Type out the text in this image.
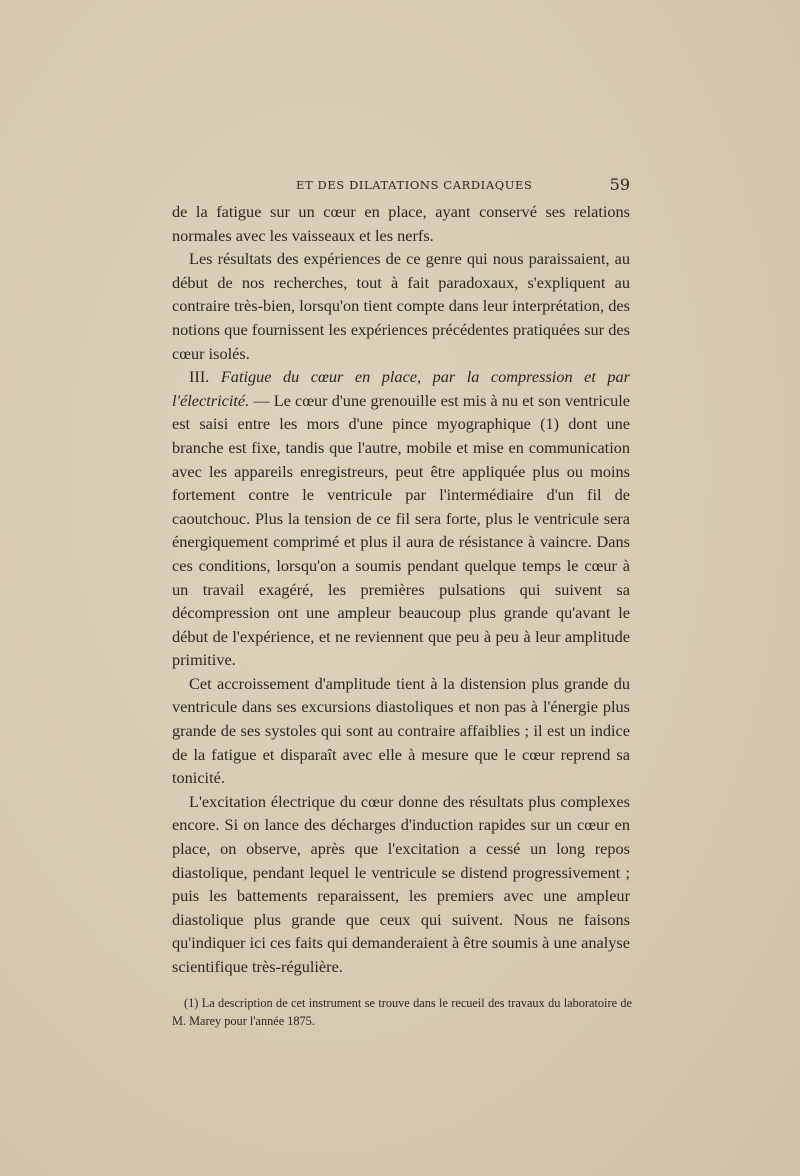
ET DES DILATATIONS CARDIAQUES	59

de la fatigue sur un cœur en place, ayant conservé ses relations normales avec les vaisseaux et les nerfs.

Les résultats des expériences de ce genre qui nous paraissaient, au début de nos recherches, tout à fait paradoxaux, s'expliquent au contraire très-bien, lorsqu'on tient compte dans leur interprétation, des notions que fournissent les expériences précédentes pratiquées sur des cœur isolés.

III. Fatigue du cœur en place, par la compression et par l'électricité. — Le cœur d'une grenouille est mis à nu et son ventricule est saisi entre les mors d'une pince myographique (1) dont une branche est fixe, tandis que l'autre, mobile et mise en communication avec les appareils enregistreurs, peut être appliquée plus ou moins fortement contre le ventricule par l'intermédiaire d'un fil de caoutchouc. Plus la tension de ce fil sera forte, plus le ventricule sera énergiquement comprimé et plus il aura de résistance à vaincre. Dans ces conditions, lorsqu'on a soumis pendant quelque temps le cœur à un travail exagéré, les premières pulsations qui suivent sa décompression ont une ampleur beaucoup plus grande qu'avant le début de l'expérience, et ne reviennent que peu à peu à leur amplitude primitive.

Cet accroissement d'amplitude tient à la distension plus grande du ventricule dans ses excursions diastoliques et non pas à l'énergie plus grande de ses systoles qui sont au contraire affaiblies ; il est un indice de la fatigue et disparaît avec elle à mesure que le cœur reprend sa tonicité.

L'excitation électrique du cœur donne des résultats plus complexes encore. Si on lance des décharges d'induction rapides sur un cœur en place, on observe, après que l'excitation a cessé un long repos diastolique, pendant lequel le ventricule se distend progressivement ; puis les battements reparaissent, les premiers avec une ampleur diastolique plus grande que ceux qui suivent. Nous ne faisons qu'indiquer ici ces faits qui demanderaient à être soumis à une analyse scientifique très-régulière.

(1) La description de cet instrument se trouve dans le recueil des travaux du laboratoire de M. Marey pour l'année 1875.
